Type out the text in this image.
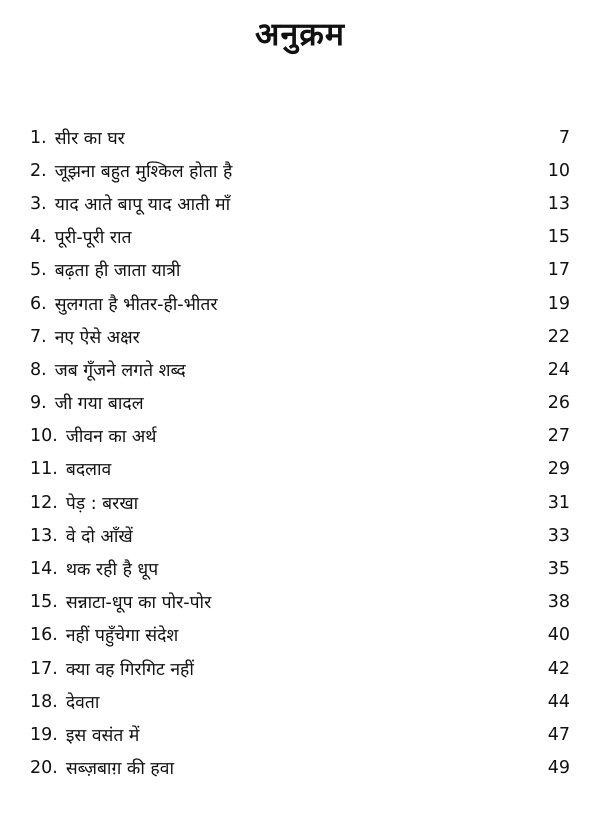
अनुक्रम
1. सीर का घर	7
2. जूझना बहुत मुश्किल होता है	10
3. याद आते बापू याद आती माँ	13
4. पूरी-पूरी रात	15
5. बढ़ता ही जाता यात्री	17
6. सुलगता है भीतर-ही-भीतर	19
7. नए ऐसे अक्षर	22
8. जब गूँजने लगते शब्द	24
9. जी गया बादल	26
10. जीवन का अर्थ	27
11. बदलाव	29
12. पेड़ : बरखा	31
13. वे दो आँखें	33
14. थक रही है धूप	35
15. सन्नाटा-धूप का पोर-पोर	38
16. नहीं पहुँचेगा संदेश	40
17. क्या वह गिरगिट नहीं	42
18. देवता	44
19. इस वसंत में	47
20. सब्ज़बाग़ की हवा	49
